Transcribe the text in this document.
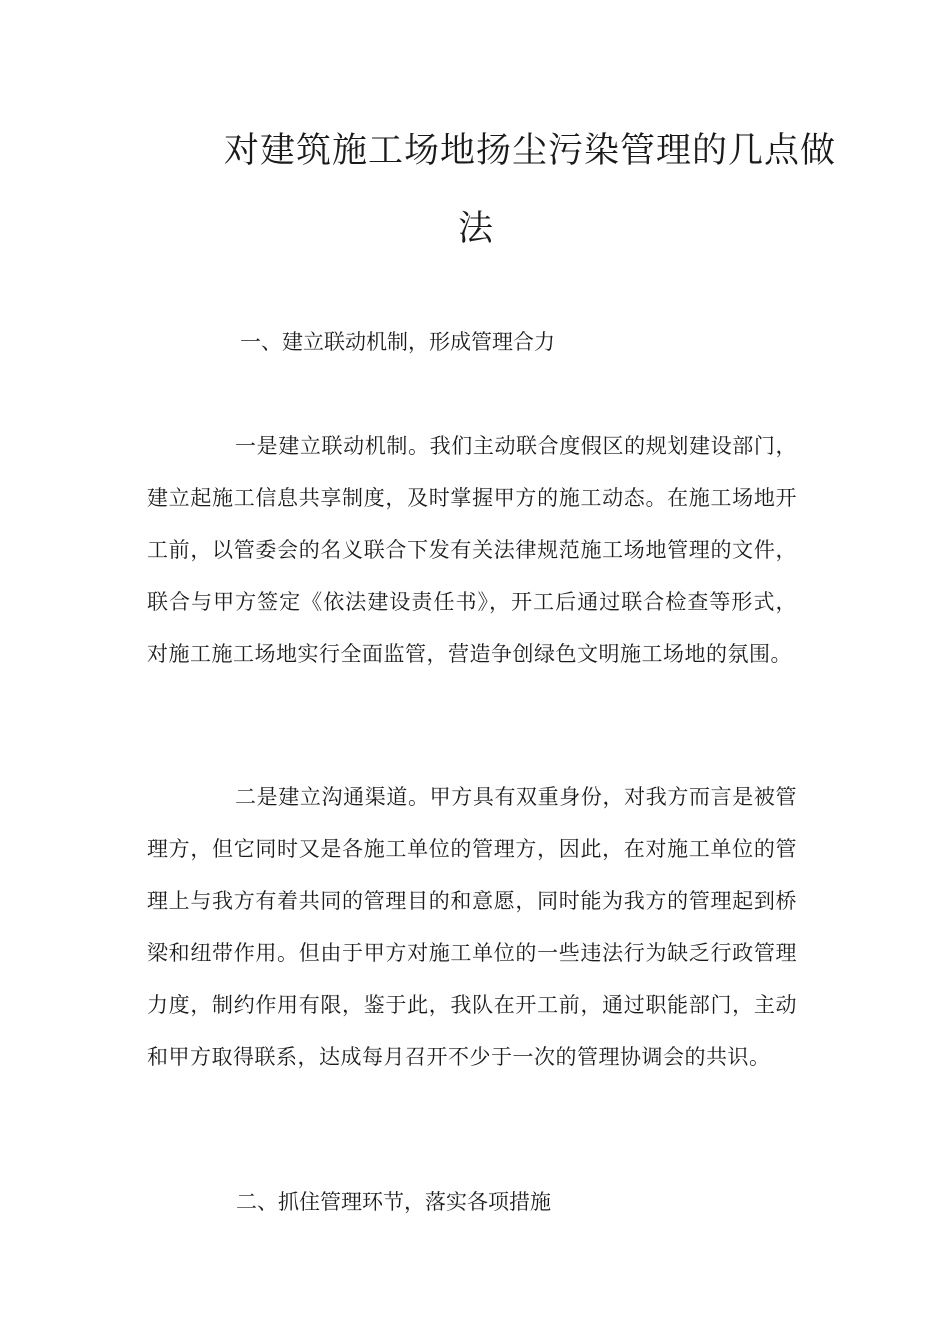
对建筑施工场地扬尘污染管理的几点做
法
一、建立联动机制，形成管理合力
一是建立联动机制。我们主动联合度假区的规划建设部门，建立起施工信息共享制度，及时掌握甲方的施工动态。在施工场地开工前，以管委会的名义联合下发有关法律规范施工场地管理的文件，联合与甲方签定《依法建设责任书》，开工后通过联合检查等形式，对施工施工场地实行全面监管，营造争创绿色文明施工场地的氛围。
二是建立沟通渠道。甲方具有双重身份，对我方而言是被管理方，但它同时又是各施工单位的管理方，因此，在对施工单位的管理上与我方有着共同的管理目的和意愿，同时能为我方的管理起到桥梁和纽带作用。但由于甲方对施工单位的一些违法行为缺乏行政管理力度，制约作用有限，鉴于此，我队在开工前，通过职能部门，主动和甲方取得联系，达成每月召开不少于一次的管理协调会的共识。
二、抓住管理环节，落实各项措施
